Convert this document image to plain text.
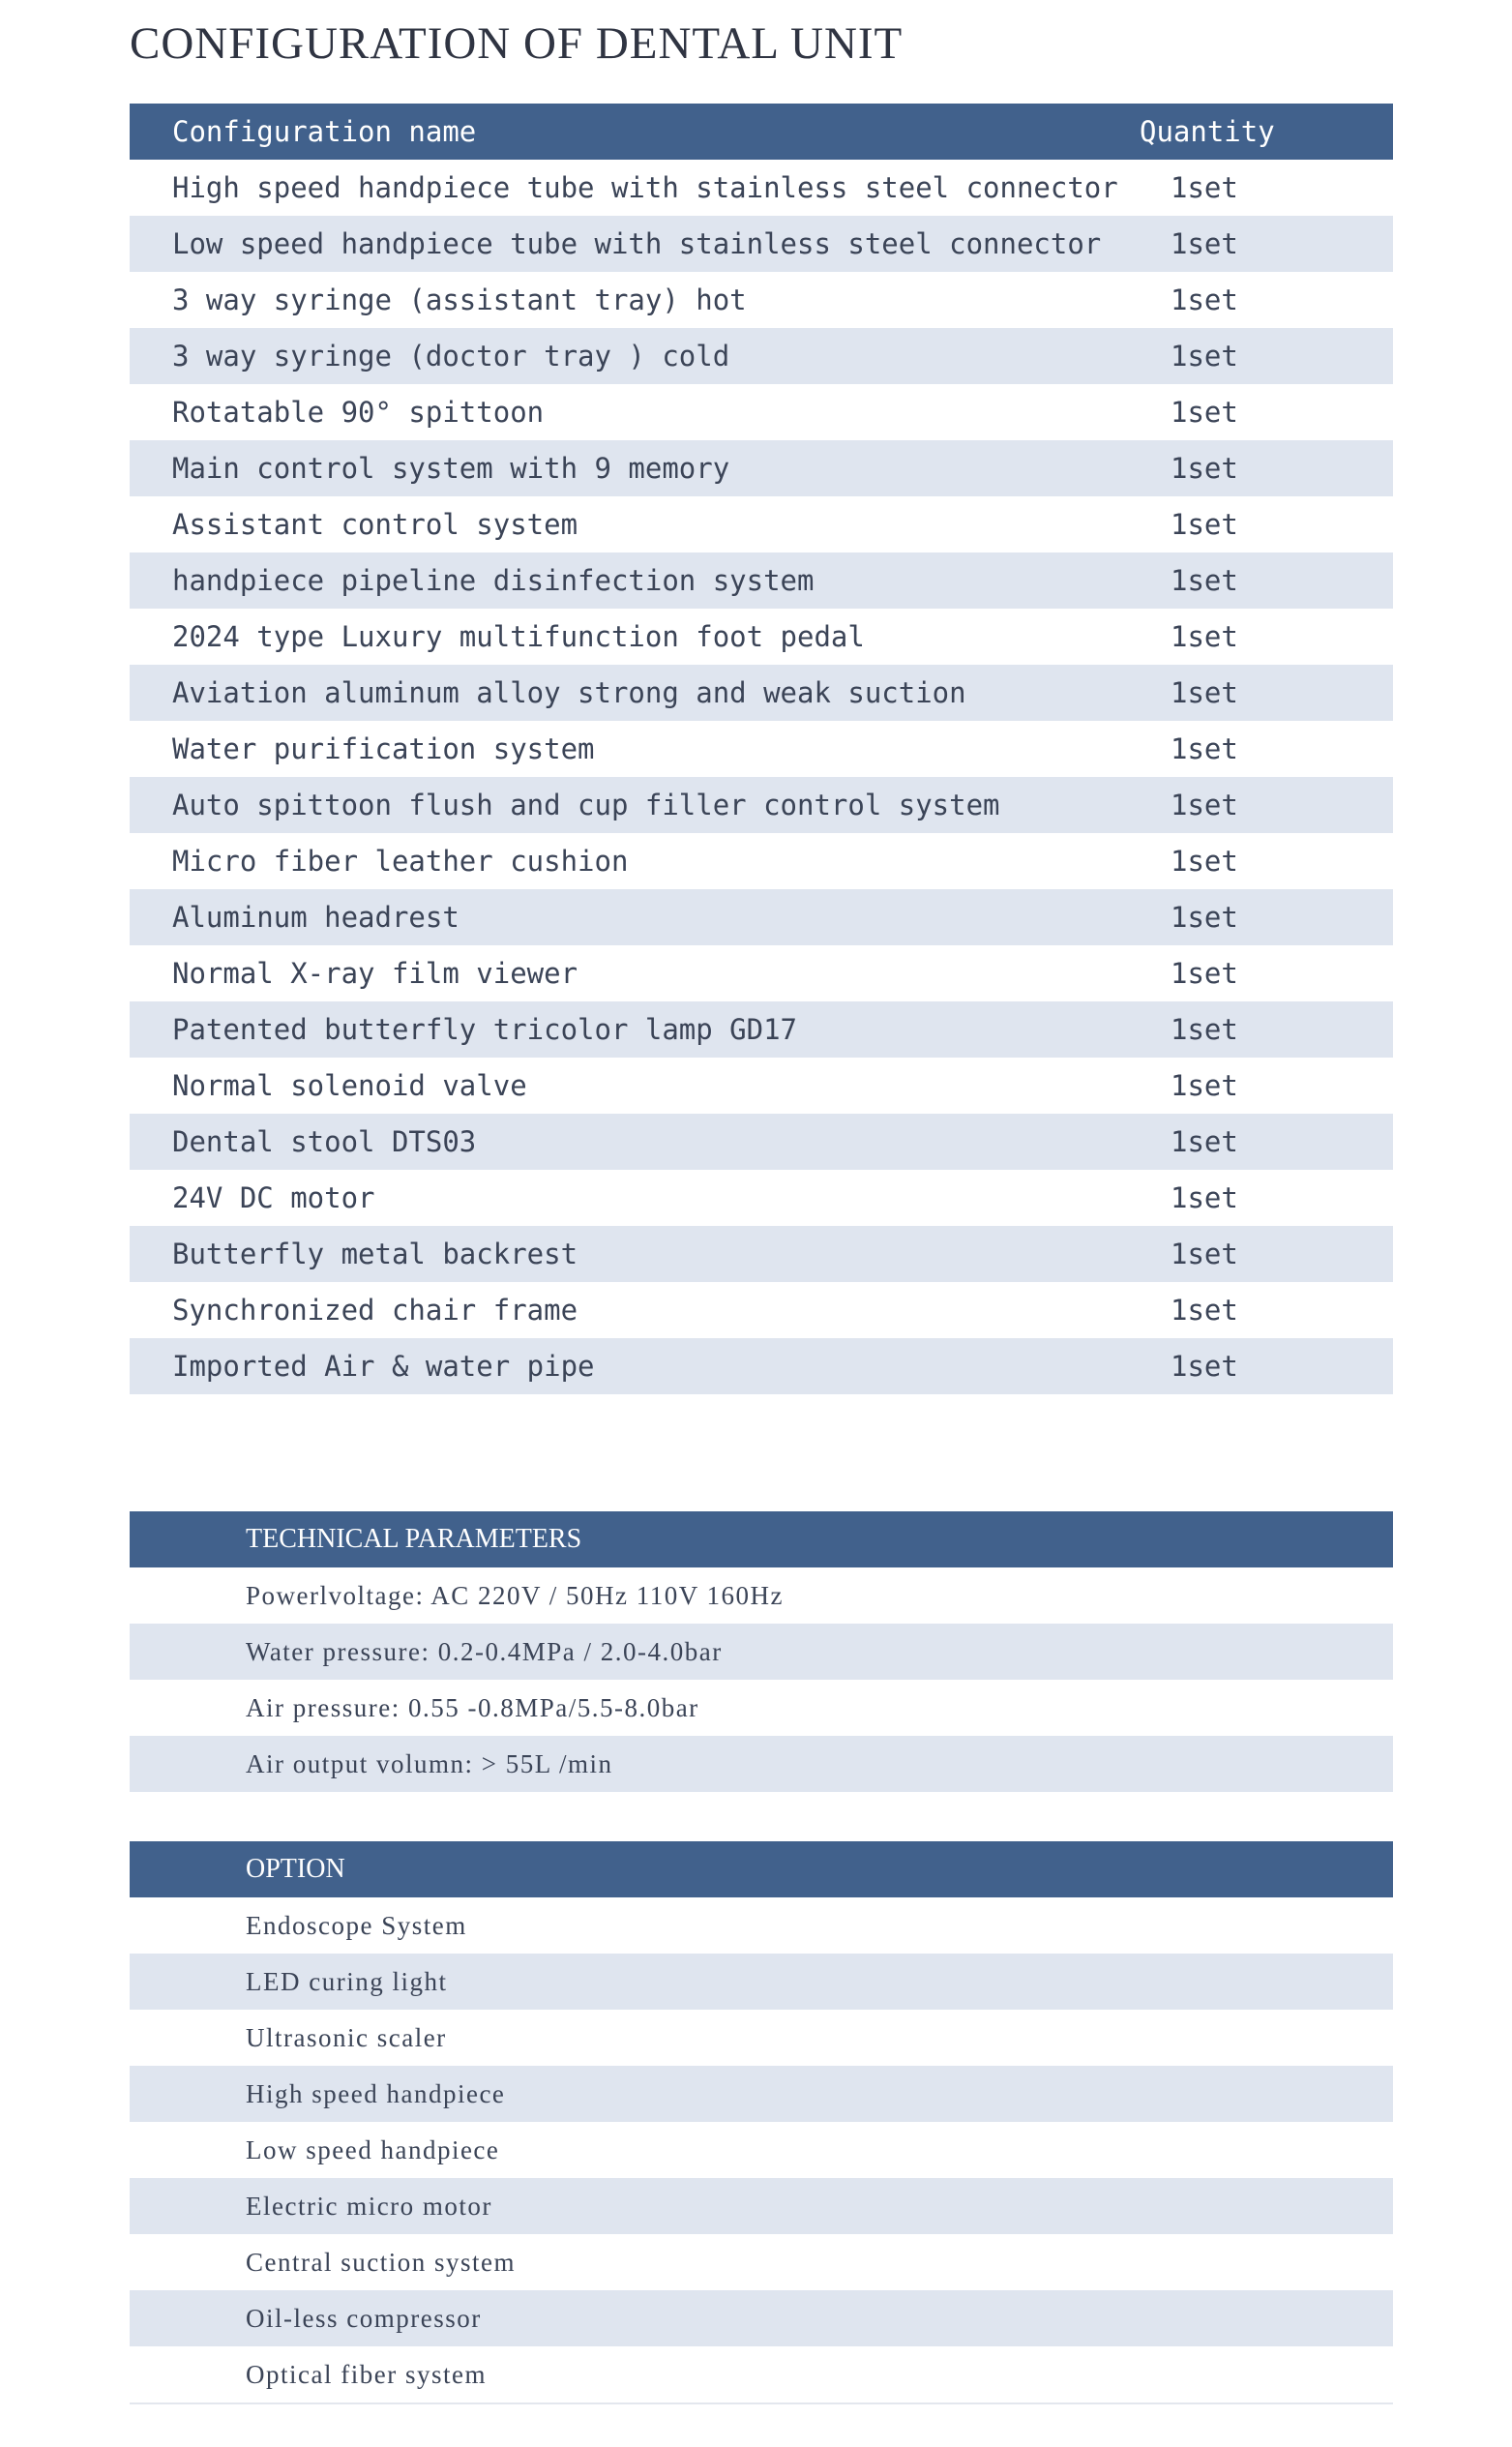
CONFIGURATION OF DENTAL UNIT
Configuration name	Quantity
High speed handpiece tube with stainless steel connector	1set
Low speed handpiece tube with stainless steel connector	1set
3 way syringe (assistant tray) hot	1set
3 way syringe (doctor tray ) cold	1set
Rotatable 90° spittoon	1set
Main control system with 9 memory	1set
Assistant control system	1set
handpiece pipeline disinfection system	1set
2024 type Luxury multifunction foot pedal	1set
Aviation aluminum alloy strong and weak suction	1set
Water purification system	1set
Auto spittoon flush and cup filler control system	1set
Micro fiber leather cushion	1set
Aluminum headrest	1set
Normal X-ray film viewer	1set
Patented butterfly tricolor lamp GD17	1set
Normal solenoid valve	1set
Dental stool DTS03	1set
24V DC motor	1set
Butterfly metal backrest	1set
Synchronized chair frame	1set
Imported Air & water pipe	1set
TECHNICAL PARAMETERS
Powerlvoltage: AC 220V / 50Hz 110V 160Hz
Water pressure: 0.2-0.4MPa / 2.0-4.0bar
Air pressure: 0.55 -0.8MPa/5.5-8.0bar
Air output volumn: > 55L /min
OPTION
Endoscope System
LED curing light
Ultrasonic scaler
High speed handpiece
Low speed handpiece
Electric micro motor
Central suction system
Oil-less compressor
Optical fiber system
